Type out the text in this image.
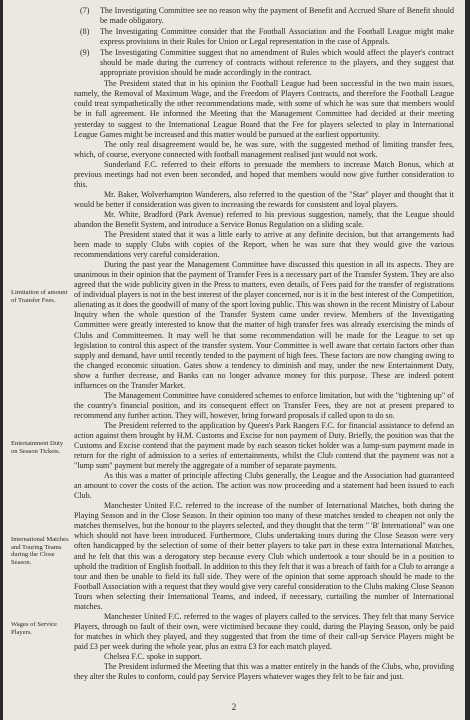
Limitation of amount of Transfer Fees.
Entertainment Duty on Season Tickets.
International Matches and Touring Teams during the Close Season.
Wages of Service Players.
(7)	The Investigating Committee see no reason why the payment of Benefit and Accrued Share of Benefit should be made obligatory.
(8)	The Investigating Committee consider that the Football Association and the Football League might make express provisions in their Rules for Union or Legal representation in the case of Appeals.
(9)	The Investigating Committee suggest that no amendment of Rules which would affect the player's contract should be made during the currency of contracts without reference to the players, and they suggest that appropriate provision should be made accordingly in the contract.

The President stated that in his opinion the Football League had been successful in the two main issues, namely, the Removal of Maximum Wage, and the Freedom of Players Contracts, and therefore the Football League could treat sympathetically the other recommendations made, with some of which he was sure that members would be in full agreement. He informed the Meeting that the Management Committee had decided at their meeting yesterday to suggest to the International League Board that the Fee for players selected to play in International League Games might be increased and this matter would be pursued at the earliest opportunity.

The only real disagreement would be, he was sure, with the suggested method of limiting transfer fees, which, of course, everyone connected with football management realised just would not work.

Sunderland F.C. referred to their efforts to persuade the members to increase Match Bonus, which at previous meetings had not even been seconded, and hoped that members would now give further consideration to this.

Mr. Baker, Wolverhampton Wanderers, also referred to the question of the "Star" player and thought that it would be better if consideration was given to increasing the rewards for consistent and loyal players.

Mr. White, Bradford (Park Avenue) referred to his previous suggestion, namely, that the League should abandon the Benefit System, and introduce a Service Bonus Regulation on a sliding scale.

The President stated that it was a little early to arrive at any definite decision, but that arrangements had been made to supply Clubs with copies of the Report, when he was sure that they would give the various recommendations very careful consideration.

During the past year the Management Committee have discussed this question in all its aspects. They are unanimous in their opinion that the payment of Transfer Fees is a necessary part of the Transfer System. They are also agreed that the wide publicity given in the Press to matters, even details, of Fees paid for the transfer of registrations of individual players is not in the best interest of the player concerned, nor is it in the best interest of the Competition, alienating as it does the goodwill of many of the sport loving public. This was shown in the recent Ministry of Labour Inquiry when the whole question of the Transfer System came under review. Members of the Investigating Committee were greatly interested to know that the matter of high transfer fees was already exercising the minds of Clubs and Committeemen. It may well be that some recommendation will be made for the League to set up legislation to control this aspect of the transfer system. Your Committee is well aware that certain factors other than supply and demand, have until recently tended to the payment of high fees. These factors are now changing owing to the changed economic situation. Gates show a tendency to diminish and may, under the new Entertainment Duty, show a further decrease, and Banks can no longer advance money for this purpose. These are indeed potent influences on the Transfer Market.

The Management Committee have considered schemes to enforce limitation, but with the "tightening up" of the country's financial position, and its consequent effect on Transfer Fees, they are not at present prepared to recommend any further action. They will, however, bring forward proposals if called upon to do so.

The President referred to the application by Queen's Park Rangers F.C. for financial assistance to defend an action against them brought by H.M. Customs and Excise for non payment of Duty. Briefly, the position was that the Customs and Excise contend that the payment made by each season ticket holder was a lump-sum payment made in return for the right of admission to a series of entertainments, whilst the Club contend that the payment was not a "lump sum" payment but merely the aggregate of a number of separate payments.

As this was a matter of principle affecting Clubs generally, the League and the Association had guaranteed an amount to cover the costs of the action. The action was now proceeding and a statement had been issued to each Club.

Manchester United F.C. referred to the increase of the number of International Matches, both during the Playing Season and in the Close Season. In their opinion too many of these matches tended to cheapen not only the matches themselves, but the honour to the players selected, and they thought that the term " 'B' International" was one which should not have been introduced. Furthermore, Clubs undertaking tours during the Close Season were very often handicapped by the selection of some of their better players to take part in these extra International Matches, and he felt that this was a derogatory step because every Club which undertook a tour should be in a position to uphold the tradition of English football. In addition to this they felt that it was a breach of faith for a Club to arrange a tour and then be unable to field its full side. They were of the opinion that some approach should be made to the Football Association with a request that they would give very careful consideration to the Clubs making Close Season Tours when selecting their International Teams, and indeed, if necessary, curtailing the number of International matches.

Manchester United F.C. referred to the wages of players called to the services. They felt that many Service Players, through no fault of their own, were victimised because they could, during the Playing Season, only be paid for matches in which they played, and they suggested that from the time of their call-up Service Players might be paid £3 per week during the whole year, plus an extra £3 for each match played.

Chelsea F.C. spoke in support.

The President informed the Meeting that this was a matter entirely in the hands of the Clubs, who, providing they alter the Rules to conform, could pay Service Players whatever wages they felt to be fair and just.

2
